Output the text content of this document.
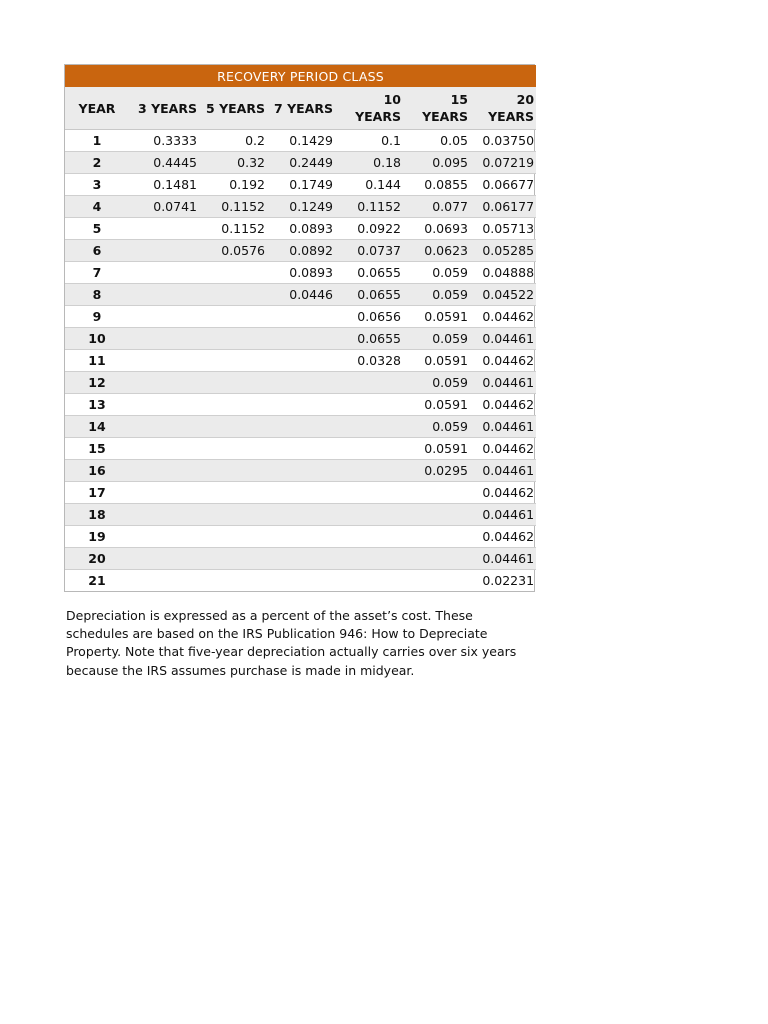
RECOVERY PERIOD CLASS						
YEAR	3 YEARS	5 YEARS	7 YEARS	10 YEARS	15 YEARS	20 YEARS
1	0.3333	0.2	0.1429	0.1	0.05	0.03750
2	0.4445	0.32	0.2449	0.18	0.095	0.07219
3	0.1481	0.192	0.1749	0.144	0.0855	0.06677
4	0.0741	0.1152	0.1249	0.1152	0.077	0.06177
5		0.1152	0.0893	0.0922	0.0693	0.05713
6		0.0576	0.0892	0.0737	0.0623	0.05285
7			0.0893	0.0655	0.059	0.04888
8			0.0446	0.0655	0.059	0.04522
9				0.0656	0.0591	0.04462
10				0.0655	0.059	0.04461
11				0.0328	0.0591	0.04462
12					0.059	0.04461
13					0.0591	0.04462
14					0.059	0.04461
15					0.0591	0.04462
16					0.0295	0.04461
17						0.04462
18						0.04461
19						0.04462
20						0.04461
21						0.02231

Depreciation is expressed as a percent of the asset’s cost. These schedules are based on the IRS Publication 946: How to Depreciate Property. Note that five-year depreciation actually carries over six years because the IRS assumes purchase is made in midyear.
